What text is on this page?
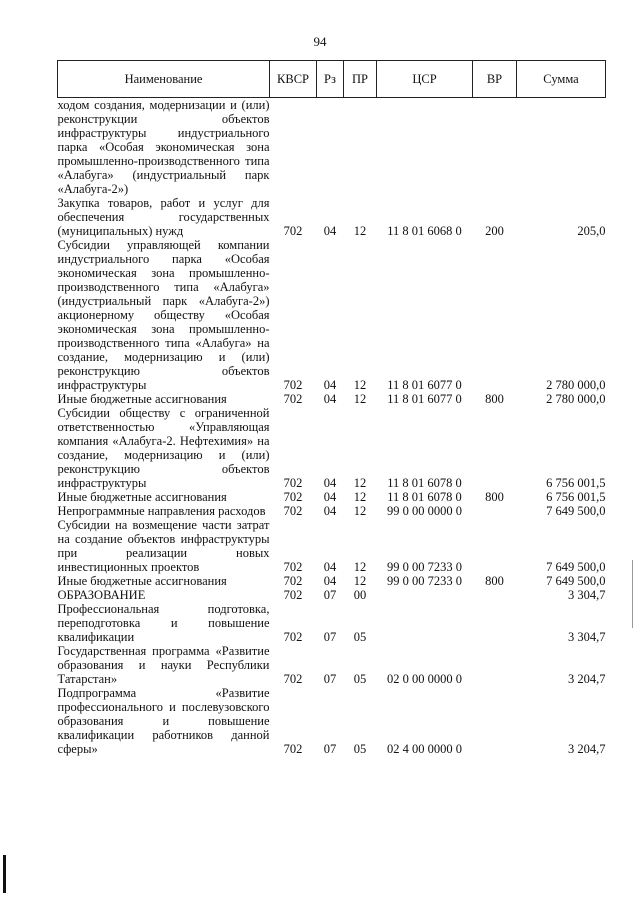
94
Наименование	КВСР	Рз	ПР	ЦСР	ВР	Сумма
ходом создания, модернизации и (или) реконструкции объектов инфраструктуры индустриального парка «Особая экономическая зона промышленно-производственного типа «Алабуга» (индустриальный парк «Алабуга-2»)						
Закупка товаров, работ и услуг для обеспечения государственных (муниципальных) нужд	702	04	12	11 8 01 6068 0	200	205,0
Субсидии управляющей компании индустриального парка «Особая экономическая зона промышленно-производственного типа «Алабуга» (индустриальный парк «Алабуга-2») акционерному обществу «Особая экономическая зона промышленно-производственного типа «Алабуга» на создание, модернизацию и (или) реконструкцию объектов инфраструктуры	702	04	12	11 8 01 6077 0		2 780 000,0
Иные бюджетные ассигнования	702	04	12	11 8 01 6077 0	800	2 780 000,0
Субсидии обществу с ограниченной ответственностью «Управляющая компания «Алабуга-2. Нефтехимия» на создание, модернизацию и (или) реконструкцию объектов инфраструктуры	702	04	12	11 8 01 6078 0		6 756 001,5
Иные бюджетные ассигнования	702	04	12	11 8 01 6078 0	800	6 756 001,5
Непрограммные направления расходов	702	04	12	99 0 00 0000 0		7 649 500,0
Субсидии на возмещение части затрат на создание объектов инфраструктуры при реализации новых инвестиционных проектов	702	04	12	99 0 00 7233 0		7 649 500,0
Иные бюджетные ассигнования	702	04	12	99 0 00 7233 0	800	7 649 500,0
ОБРАЗОВАНИЕ	702	07	00			3 304,7
Профессиональная подготовка, переподготовка и повышение квалификации	702	07	05			3 304,7
Государственная программа «Развитие образования и науки Республики Татарстан»	702	07	05	02 0 00 0000 0		3 204,7
Подпрограмма «Развитие профессионального и послевузовского образования и повышение квалификации работников данной сферы»	702	07	05	02 4 00 0000 0		3 204,7
